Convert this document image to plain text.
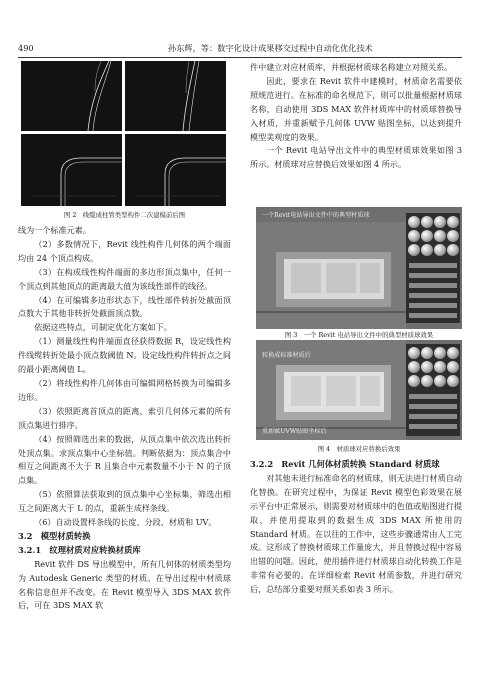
490	孙东辉，等：数字化设计成果移交过程中自动化优化技术
图 2　线缆成柱管类型构件二次建模前后图

线为一个标准元素。

（2）多数情况下，Revit 线性构件几何体的两个端面均由 24 个顶点构成。

（3）在构成线性构件端面的多边形顶点集中，任何一个顶点到其他顶点的距离最大值为该线性部件的线径。

（4）在可编辑多边形状态下，线性部件转折处截面顶点数大于其他非转折处截面顶点数。

依据这些特点，可制定优化方案如下。

（1）测量线性构件端面直径获得数据 R，设定线性构件线缆转折处最小顶点数阈值 N。设定线性构件转折点之间的最小距离阈值 L。

（2）将线性构件几何体由可编辑网格转换为可编辑多边形。

（3）依照距离首顶点的距离，索引几何体元素的所有顶点集进行排序。

（4）按照筛选出来的数据，从顶点集中依次选出转折处顶点集。求顶点集中心坐标值。判断依据为：顶点集合中相互之间距离不大于 R 且集合中元素数量不小于 N 的子顶点集。

（5）依照算法获取到的顶点集中心坐标集，筛选出相互之间距离大于 L 的点，重新生成样条线。

（6）自动设置样条线的长度、分段、材质和 UV。

3.2　模型材质转换
3.2.1　纹理材质对应转换材质库

Revit 软件 DS 导出模型中，所有几何体的材质类型均为 Autodesk Generic 类型的材质。在导出过程中材质球名称信息但并不改变。在 Revit 模型导入 3DS MAX 软件后，可在 3DS MAX 软

件中建立对应材质库，并根据材质球名称建立对照关系。

因此，要求在 Revit 软件中建模时，材质命名需要依照规范进行。在标准的命名规范下，则可以批量根据材质球名称，自动使用 3DS MAX 软件材质库中的材质球替换导入材质，并重新赋予几何体 UVW 贴图坐标，以达到提升模型美观度的效果。

一个 Revit 电站导出文件中的典型材质球效果如图 3 所示。材质球对应替换后效果如图 4 所示。

一个Revit电站导出文件中的典型材质球
图 3　一个 Revit 电站导出文件中的典型材质球效果
转换成标准材质后
重新赋UVW贴图坐标后
图 4　材质球对应替换后效果
3.2.2　Revit 几何体材质转换 Standard 材质球

对其他未进行标准命名的材质球，则无法进行材质自动化替换。在研究过程中，为保证 Revit 模型色彩效果在展示平台中正常展示，则需要对材质球中的色值或贴图进行提取，并使用提取到的数据生成 3DS MAX 所使用的 Standard 材质。在以往的工作中，这些步骤通常由人工完成。这形成了替换材质球工作量庞大，并且替换过程中容易出错的问题。因此，使用插件进行材质球自动化转换工作是非常有必要的。在详细检索 Revit 材质参数，并进行研究后，总结部分重要对照关系如表 3 所示。
